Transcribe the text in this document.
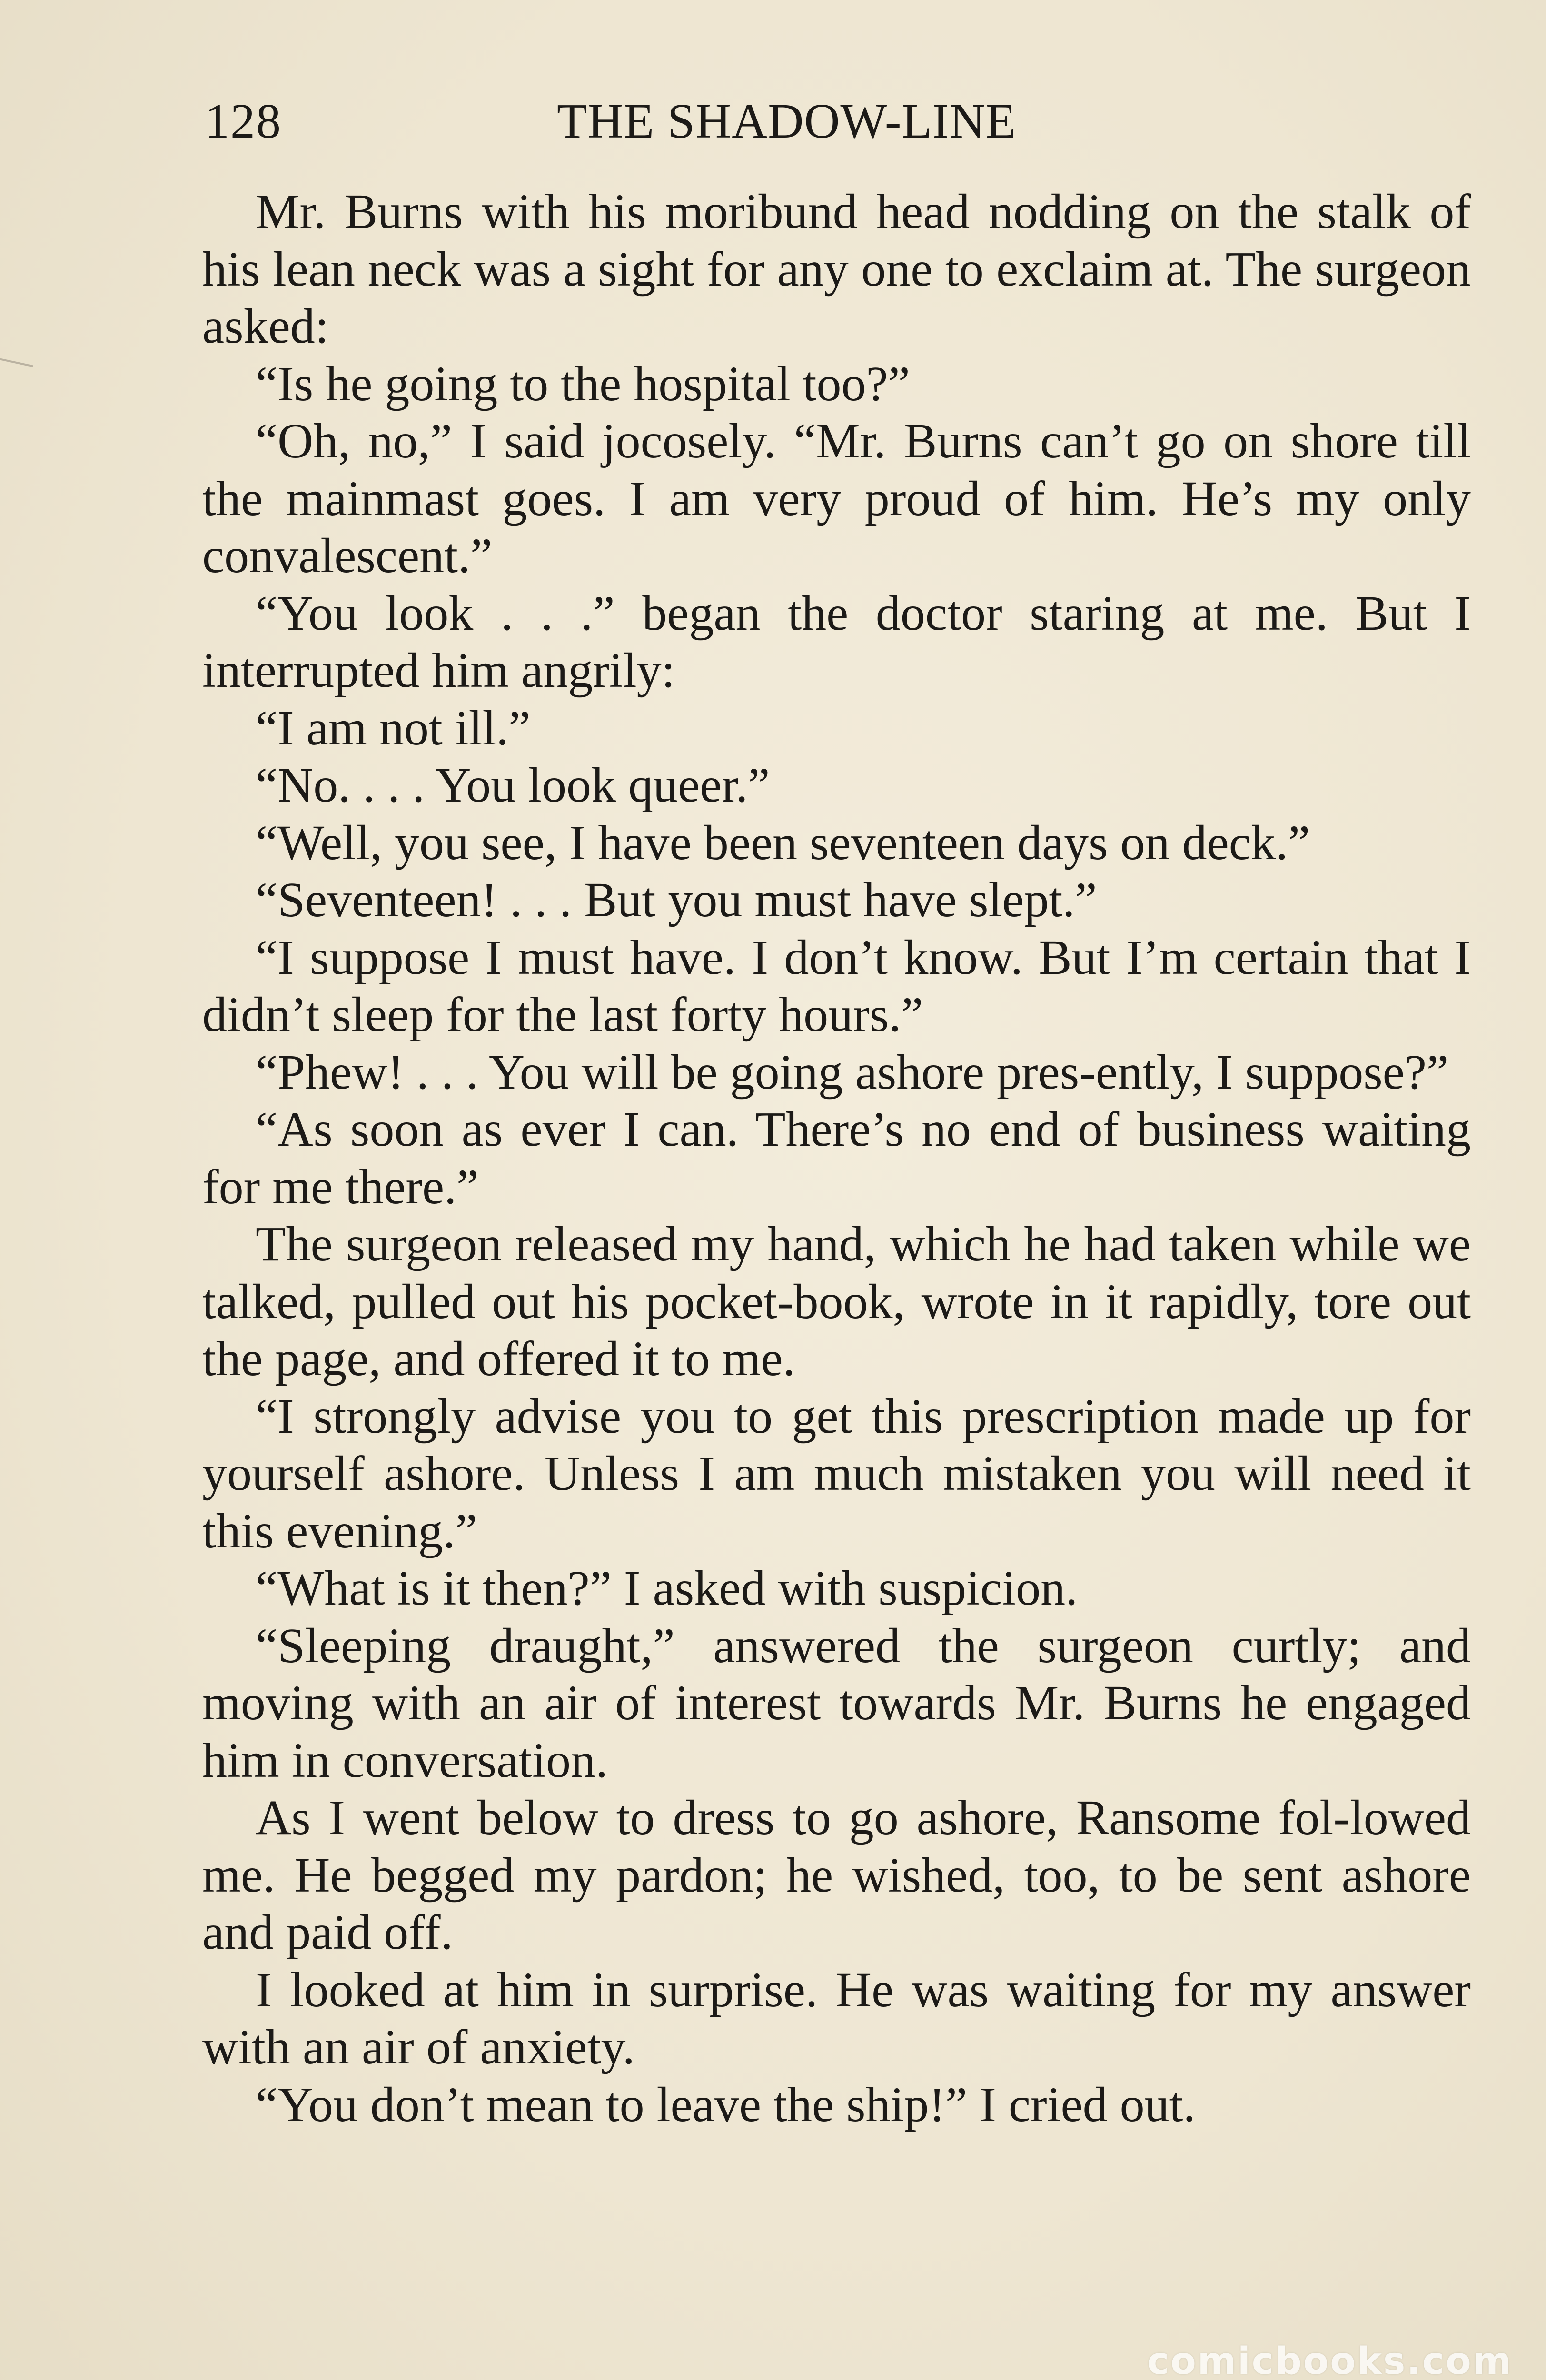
128	THE SHADOW-LINE

Mr. Burns with his moribund head nodding on the stalk of his lean neck was a sight for any one to exclaim at. The surgeon asked:

“Is he going to the hospital too?”

“Oh, no,” I said jocosely. “Mr. Burns can’t go on shore till the mainmast goes. I am very proud of him. He’s my only convalescent.”

“You look . . .” began the doctor staring at me. But I interrupted him angrily:

“I am not ill.”

“No. . . . You look queer.”

“Well, you see, I have been seventeen days on deck.”

“Seventeen! . . . But you must have slept.”

“I suppose I must have. I don’t know. But I’m certain that I didn’t sleep for the last forty hours.”

“Phew! . . . You will be going ashore pres-ently, I suppose?”

“As soon as ever I can. There’s no end of business waiting for me there.”

The surgeon released my hand, which he had taken while we talked, pulled out his pocket-book, wrote in it rapidly, tore out the page, and offered it to me.

“I strongly advise you to get this prescription made up for yourself ashore. Unless I am much mistaken you will need it this evening.”

“What is it then?” I asked with suspicion.

“Sleeping draught,” answered the surgeon curtly; and moving with an air of interest towards Mr. Burns he engaged him in conversation.

As I went below to dress to go ashore, Ransome fol-lowed me. He begged my pardon; he wished, too, to be sent ashore and paid off.

I looked at him in surprise. He was waiting for my answer with an air of anxiety.

“You don’t mean to leave the ship!” I cried out.

comicbooks.com
